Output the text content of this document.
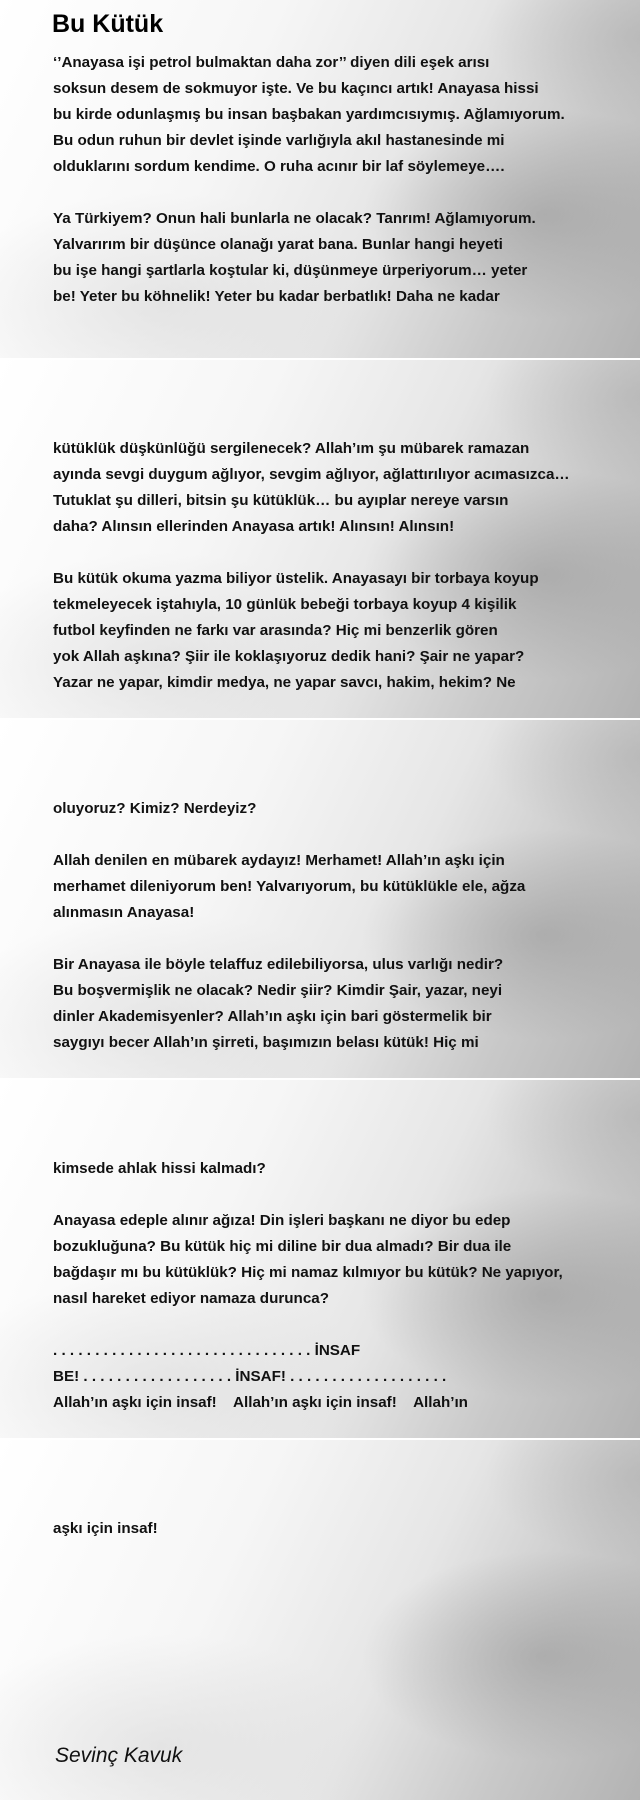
Bu Kütük

‘’Anayasa işi petrol bulmaktan daha zor’’ diyen dili eşek arısı

soksun desem de sokmuyor işte. Ve bu kaçıncı artık! Anayasa hissi

bu kirde odunlaşmış bu insan başbakan yardımcısıymış. Ağlamıyorum.

Bu odun ruhun bir devlet işinde varlığıyla akıl hastanesinde mi

olduklarını sordum kendime. O ruha acınır bir laf söylemeye….

Ya Türkiyem? Onun hali bunlarla ne olacak? Tanrım! Ağlamıyorum.

Yalvarırım bir düşünce olanağı yarat bana. Bunlar hangi heyeti

bu işe hangi şartlarla koştular ki, düşünmeye ürperiyorum… yeter

be! Yeter bu köhnelik! Yeter bu kadar berbatlık! Daha ne kadar

kütüklük düşkünlüğü sergilenecek? Allah’ım şu mübarek ramazan

ayında sevgi duygum ağlıyor, sevgim ağlıyor, ağlattırılıyor acımasızca…

Tutuklat şu dilleri, bitsin şu kütüklük… bu ayıplar nereye varsın

daha? Alınsın ellerinden Anayasa artık! Alınsın! Alınsın!

Bu kütük okuma yazma biliyor üstelik. Anayasayı bir torbaya koyup

tekmeleyecek iştahıyla, 10 günlük bebeği torbaya koyup 4 kişilik

futbol keyfinden ne farkı var arasında? Hiç mi benzerlik gören

yok Allah aşkına? Şiir ile koklaşıyoruz dedik hani? Şair ne yapar?

Yazar ne yapar, kimdir medya, ne yapar savcı, hakim, hekim? Ne

oluyoruz? Kimiz? Nerdeyiz?

Allah denilen en mübarek aydayız! Merhamet! Allah’ın aşkı için

merhamet dileniyorum ben! Yalvarıyorum, bu kütüklükle ele, ağza

alınmasın Anayasa!

Bir Anayasa ile böyle telaffuz edilebiliyorsa, ulus varlığı nedir?

Bu boşvermişlik ne olacak? Nedir şiir? Kimdir Şair, yazar, neyi

dinler Akademisyenler? Allah’ın aşkı için bari göstermelik bir

saygıyı becer Allah’ın şirreti, başımızın belası kütük! Hiç mi

kimsede ahlak hissi kalmadı?

Anayasa edeple alınır ağıza! Din işleri başkanı ne diyor bu edep

bozukluğuna? Bu kütük hiç mi diline bir dua almadı? Bir dua ile

bağdaşır mı bu kütüklük? Hiç mi namaz kılmıyor bu kütük? Ne yapıyor,

nasıl hareket ediyor namaza durunca?

. . . . . . . . . . . . . . . . . . . . . . . . . . . . . . . İNSAF

BE! . . . . . . . . . . . . . . . . . . İNSAF! . . . . . . . . . . . . . . . . . . .

Allah’ın aşkı için insaf!    Allah’ın aşkı için insaf!    Allah’ın

aşkı için insaf!

Sevinç Kavuk
